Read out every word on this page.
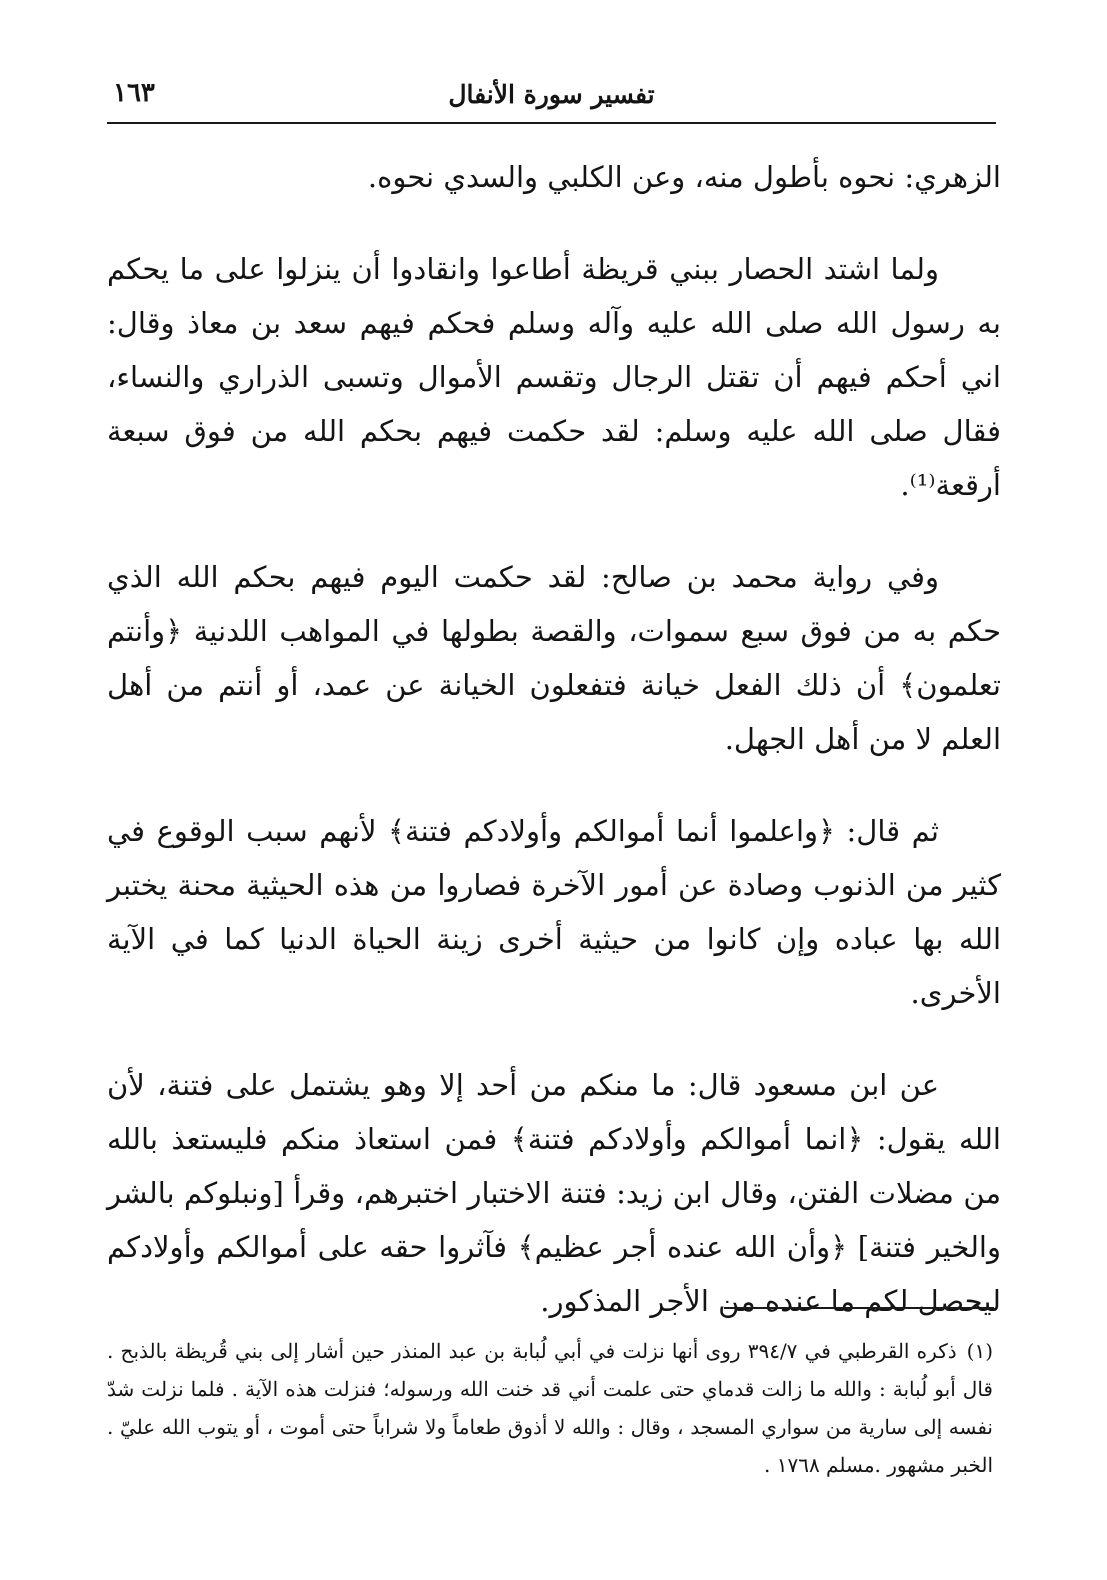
تفسير سورة الأنفال
١٦٣

الزهري: نحوه بأطول منه، وعن الكلبي والسدي نحوه.

ولما اشتد الحصار ببني قريظة أطاعوا وانقادوا أن ينزلوا على ما يحكم به رسول الله صلى الله عليه وآله وسلم فحكم فيهم سعد بن معاذ وقال: اني أحكم فيهم أن تقتل الرجال وتقسم الأموال وتسبى الذراري والنساء، فقال صلى الله عليه وسلم: لقد حكمت فيهم بحكم الله من فوق سبعة أرقعة⁽¹⁾.

وفي رواية محمد بن صالح: لقد حكمت اليوم فيهم بحكم الله الذي حكم به من فوق سبع سموات، والقصة بطولها في المواهب اللدنية ﴿وأنتم تعلمون﴾ أن ذلك الفعل خيانة فتفعلون الخيانة عن عمد، أو أنتم من أهل العلم لا من أهل الجهل.

ثم قال: ﴿واعلموا أنما أموالكم وأولادكم فتنة﴾ لأنهم سبب الوقوع في كثير من الذنوب وصادة عن أمور الآخرة فصاروا من هذه الحيثية محنة يختبر الله بها عباده وإن كانوا من حيثية أخرى زينة الحياة الدنيا كما في الآية الأخرى.

عن ابن مسعود قال: ما منكم من أحد إلا وهو يشتمل على فتنة، لأن الله يقول: ﴿انما أموالكم وأولادكم فتنة﴾ فمن استعاذ منكم فليستعذ بالله من مضلات الفتن، وقال ابن زيد: فتنة الاختبار اختبرهم، وقرأ [ونبلوكم بالشر والخير فتنة] ﴿وأن الله عنده أجر عظيم﴾ فآثروا حقه على أموالكم وأولادكم ليحصل لكم ما عنده من الأجر المذكور.

(١)ذكره القرطبي في ٣٩٤/٧ روى أنها نزلت في أبي لُبابة بن عبد المنذر حين أشار إلى بني قُريظة بالذبح . قال أبو لُبابة : والله ما زالت قدماي حتى علمت أني قد خنت الله ورسوله؛ فنزلت هذه الآية . فلما نزلت شدّ نفسه إلى سارية من سواري المسجد ، وقال : والله لا أذوق طعاماً ولا شراباً حتى أموت ، أو يتوب الله عليّ . الخبر مشهور .مسلم ١٧٦٨ .
